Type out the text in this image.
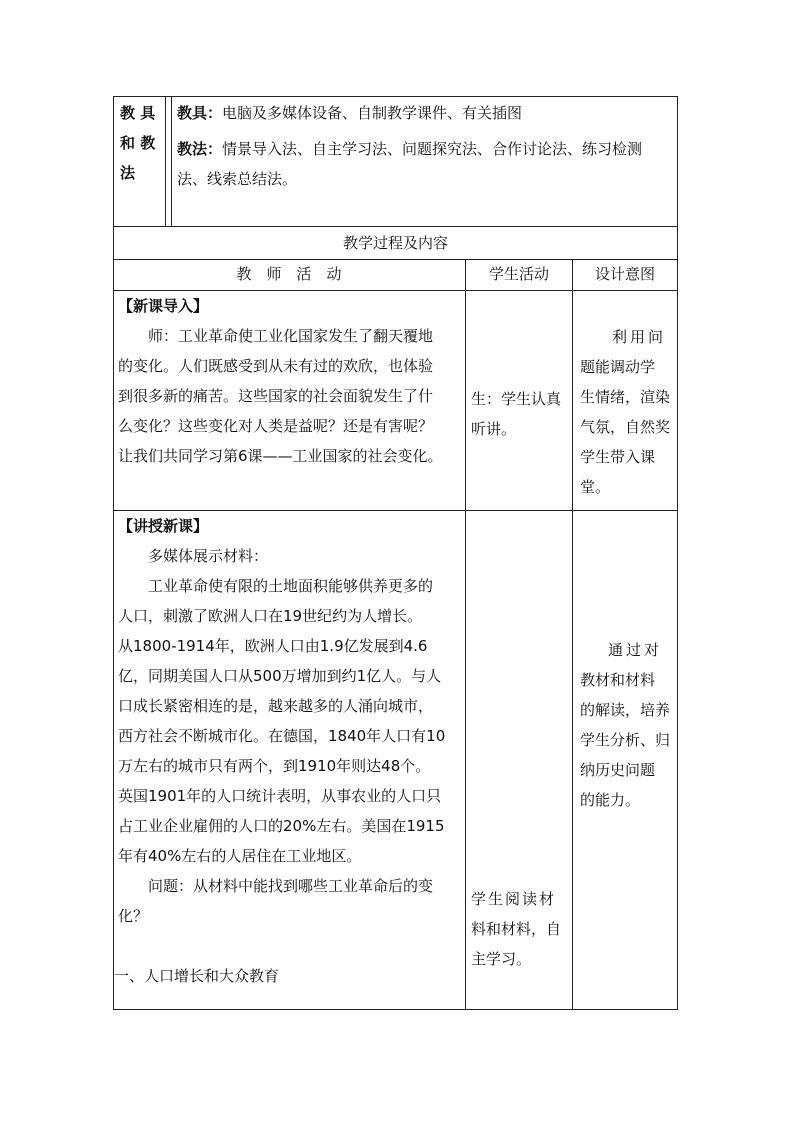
教 具
和 教
法
教具：电脑及多媒体设备、自制教学课件、有关插图
教法：情景导入法、自主学习法、问题探究法、合作讨论法、练习检测
法、线索总结法。
教学过程及内容
教　师　活　动	学生活动	设计意图
【新课导入】
师：工业革命使工业化国家发生了翻天覆地
的变化。人们既感受到从未有过的欢欣，也体验
到很多新的痛苦。这些国家的社会面貌发生了什
么变化？这些变化对人类是益呢？还是有害呢？
让我们共同学习第6课——工业国家的社会变化。
生：学生认真
听讲。
利用问
题能调动学
生情绪，渲染
气氛，自然奖
学生带入课
堂。
【讲授新课】
多媒体展示材料：
工业革命使有限的土地面积能够供养更多的
人口，刺激了欧洲人口在19世纪约为人增长。
从1800-1914年，欧洲人口由1.9亿发展到4.6
亿，同期美国人口从500万增加到约1亿人。与人
口成长紧密相连的是，越来越多的人涌向城市，
西方社会不断城市化。在德国，1840年人口有10
万左右的城市只有两个，到1910年则达48个。
英国1901年的人口统计表明，从事农业的人口只
占工业企业雇佣的人口的20%左右。美国在1915
年有40%左右的人居住在工业地区。
问题：从材料中能找到哪些工业革命后的变
化？
一、人口增长和大众教育
学生阅读材
料和材料，自
主学习。
通过对
教材和材料
的解读，培养
学生分析、归
纳历史问题
的能力。
